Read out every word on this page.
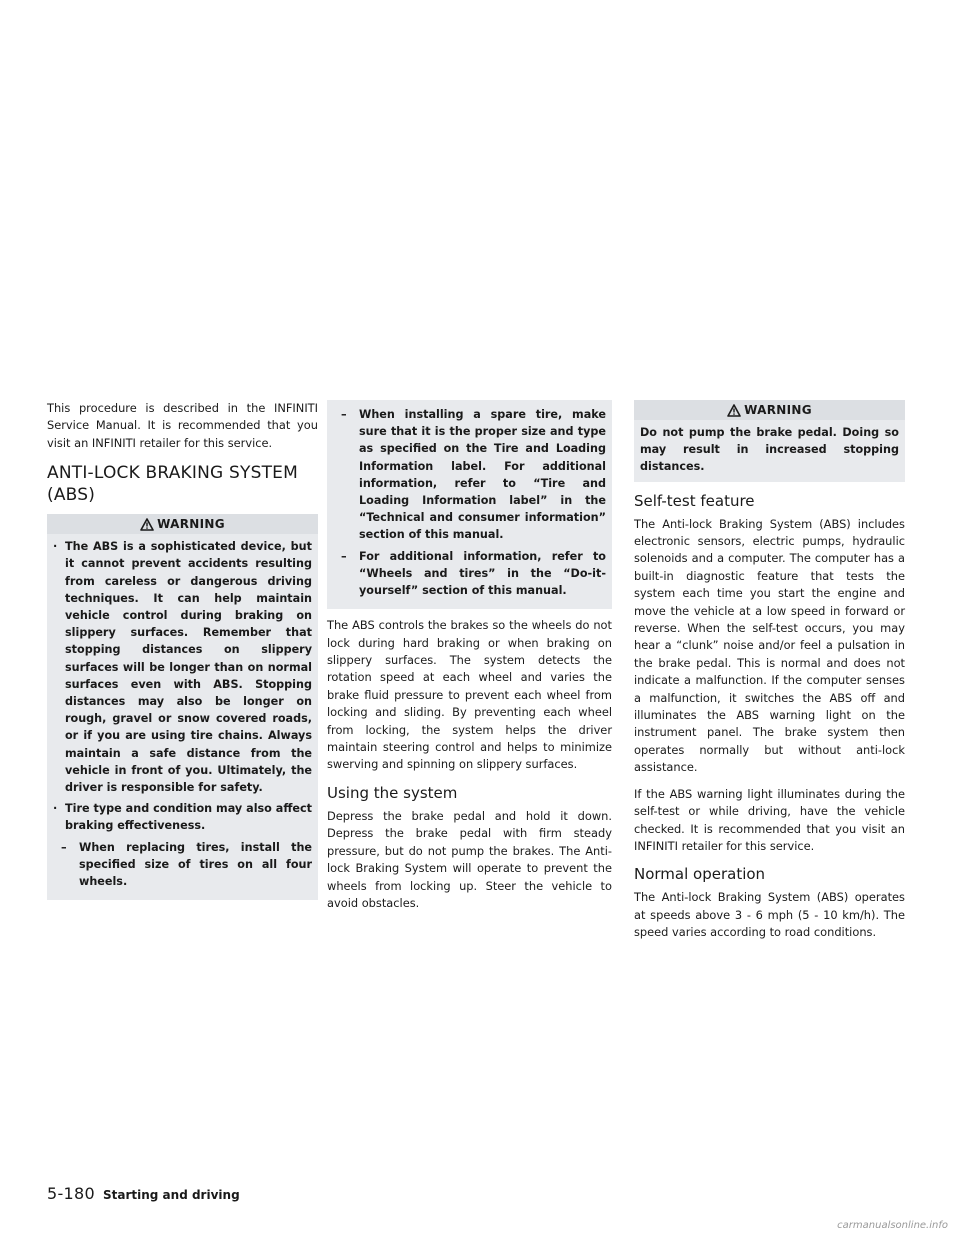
This procedure is described in the INFINITI Service Manual. It is recommended that you visit an INFINITI retailer for this service.

ANTI-LOCK BRAKING SYSTEM (ABS)
WARNING
· The ABS is a sophisticated device, but it cannot prevent accidents resulting from careless or dangerous driving techniques. It can help maintain vehicle control during braking on slippery surfaces. Remember that stopping distances on slippery surfaces will be longer than on normal surfaces even with ABS. Stopping distances may also be longer on rough, gravel or snow covered roads, or if you are using tire chains. Always maintain a safe distance from the vehicle in front of you. Ultimately, the driver is responsible for safety.
· Tire type and condition may also affect braking effectiveness.
–	When replacing tires, install the specified size of tires on all four wheels.
–	When installing a spare tire, make sure that it is the proper size and type as specified on the Tire and Loading Information label. For additional information, refer to “Tire and Loading Information label” in the “Technical and consumer information” section of this manual.
–	For additional information, refer to “Wheels and tires” in the “Do-it-yourself” section of this manual.

The ABS controls the brakes so the wheels do not lock during hard braking or when braking on slippery surfaces. The system detects the rotation speed at each wheel and varies the brake fluid pressure to prevent each wheel from locking and sliding. By preventing each wheel from locking, the system helps the driver maintain steering control and helps to minimize swerving and spinning on slippery surfaces.

Using the system

Depress the brake pedal and hold it down. Depress the brake pedal with firm steady pressure, but do not pump the brakes. The Anti-lock Braking System will operate to prevent the wheels from locking up. Steer the vehicle to avoid obstacles.

WARNING
Do not pump the brake pedal. Doing so may result in increased stopping distances.
Self-test feature

The Anti-lock Braking System (ABS) includes electronic sensors, electric pumps, hydraulic solenoids and a computer. The computer has a built-in diagnostic feature that tests the system each time you start the engine and move the vehicle at a low speed in forward or reverse. When the self-test occurs, you may hear a “clunk” noise and/or feel a pulsation in the brake pedal. This is normal and does not indicate a malfunction. If the computer senses a malfunction, it switches the ABS off and illuminates the ABS warning light on the instrument panel. The brake system then operates normally but without anti-lock assistance.

If the ABS warning light illuminates during the self-test or while driving, have the vehicle checked. It is recommended that you visit an INFINITI retailer for this service.

Normal operation

The Anti-lock Braking System (ABS) operates at speeds above 3 - 6 mph (5 - 10 km/h). The speed varies according to road conditions.

5-180 Starting and driving
carmanualsonline.info
